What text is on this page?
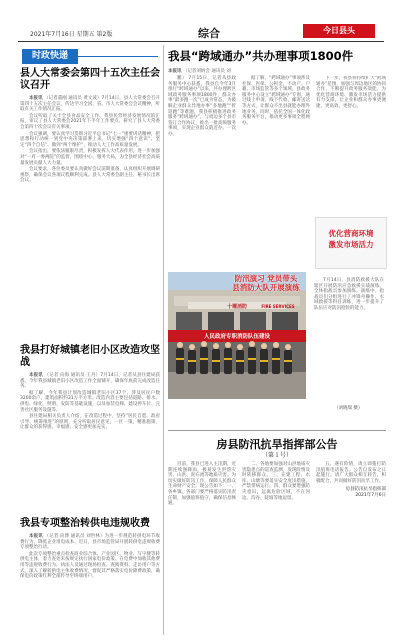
2021年7月16日 星期五 第2版	综合	今日县头
时政快递
县人大常委会第四十五次主任会议召开

本报讯 （记者董刚 通讯员 黄文波）7月14日，县人大常委会召开第四十五次主任会议，传达学习全国、省、市人大常委会会议精神，听取有关工作情况汇报。

会议听取了关于全县食品安全工作、我县民营经济发展情况的汇报，审议了县人大常委会2021年下半年工作要点，研究了县人大常委会第四十次会议有关事项。

会议强调，要认真学习贯彻习近平总书记“七一”重要讲话精神，把思想和行动统一到党中央决策部署上来，切实增强“四个意识”、坚定“四个自信”、做到“两个维护”，推动人大工作高质量发展。

会议指出，要依法履职尽责，积极发挥人大代表作用，进一步加强对“一府一委两院”的监督，围绕中心、服务大局，为全县经济社会高质量发展贡献人大力量。

会议要求，各位委员要认真做好会议前期准备，认真组织开展调研视察，确保会议各项议程顺利完成。县人大常委会副主任、秘书长出席会议。

我县打好城镇老旧小区改造攻坚战

本报讯 （记者 向海 通讯员 王丹）7月14日，记者从县住建局获悉，今年我县城镇老旧小区改造工作全面铺开，确保年底前完成改造任务。

据了解，今年我县计划改造城镇老旧小区37个，涉及居民户数3200余户，建筑面积约31万平方米。改造内容主要包括道路、排水、供电、绿化、照明、安防等基础设施，以及加装电梯、建设停车位、完善社区服务设施等。

县住建局相关负责人介绍，在改造过程中，坚持“居民自愿、政府引导、统筹推进”的原则，充分听取居民意见，一区一策，精准施策，让群众的获得感、幸福感、安全感更加充实。

我县专项整治转供电违规收费

本报讯 （记者 向博 通讯员 刘世林）为进一步规范转供电环节收费行为，降低企业用电成本，近日，县市场监管局开展转供电违规收费专项整治行动。

此次专项整治重点检查商业综合体、产业园区、物业、写字楼等转供电主体，着力查处未按规定执行国家电价政策、在电费中加收其他费用等违规收费行为。执法人员通过现场检查、查阅资料、走访用户等方式，深入了解转供电主体收费情况，督促其严格落实电价降费政策，确保电价政策红利全部传导至终端用户。

我县“跨域通办”共办理事项1800件
本报讯 （记者刘炳会 通讯员 刘

鹏） 7月15日，记者从县政务服务中心获悉，我县自今年3月推行“跨域通办”以来，共办理跨区域政务服务事项1800件，群众办事“最多跑一次”已成为常态。为破解企业群众异地办事“多地跑”“折返跑”等难题，我县积极推进政务服务“跨域通办”，与周边多个县市签订合作协议，推出一批高频服务事项，实现企业群众就近办、一次办。

据了解，“跨域通办”事项涉及社保、医保、公积金、不动产、户籍、市场监管等多个领域。县政务服务中心设立“跨域通办”专窗，通过线上申请、线下代收、邮寄送达等方式，让群众不出县就能办理外地业务。同时，依托全国一体化政务服务平台，推动更多事项全程网办。

下一步，我县将持续扩大“跨域通办”范围，加强与周边地区的协同合作，不断提升政务服务效能，为优化营商环境、激发市场活力提供有力支撑，让企业和群众办事更便捷、更高效、更舒心。

优化营商环境
激发市场活力
十堰消防	FIRE SERVICES
人民政府专职消防队伍建设
防汛演习 党员带头
县消防大队开展演练

7月14日，县消防救援大队在辖区开展防汛应急救援实战演练，全体指战员参加演练。演练中，指战员们分组进行了冲锋舟操作、水域救援等科目训练，进一步提升了队伍应对防汛抢险的能力。

（刘晓瑞 摄）
房县防汛抗旱指挥部公告
（第１号）

目前，我县已进入主汛期，近期连续强降雨，极易发生洪涝灾害、山洪、泥石流等地质灾害。为切实做好防汛工作，保障人民群众生命财产安全，现公告如下：一、各乡镇、各部门要严格落实防汛责任制，加强值班值守，确保信息畅通。

二、各地要加强对山洪地质灾害隐患点的巡查监测，发现险情及时转移群众。三、在建工程、水库、山塘等要落实安全度汛措施，严禁带病运行。四、群众要增强防灾意识，远离危险区域，不在河边、沟谷、陡坡等地逗留。

五、遇有险情，请立即拨打防汛值班电话报告。公告自发布之日起施行。请广大群众相互转告，积极配合，共同做好防汛抗旱工作。

房县防汛抗旱指挥部
2021年7月6日
